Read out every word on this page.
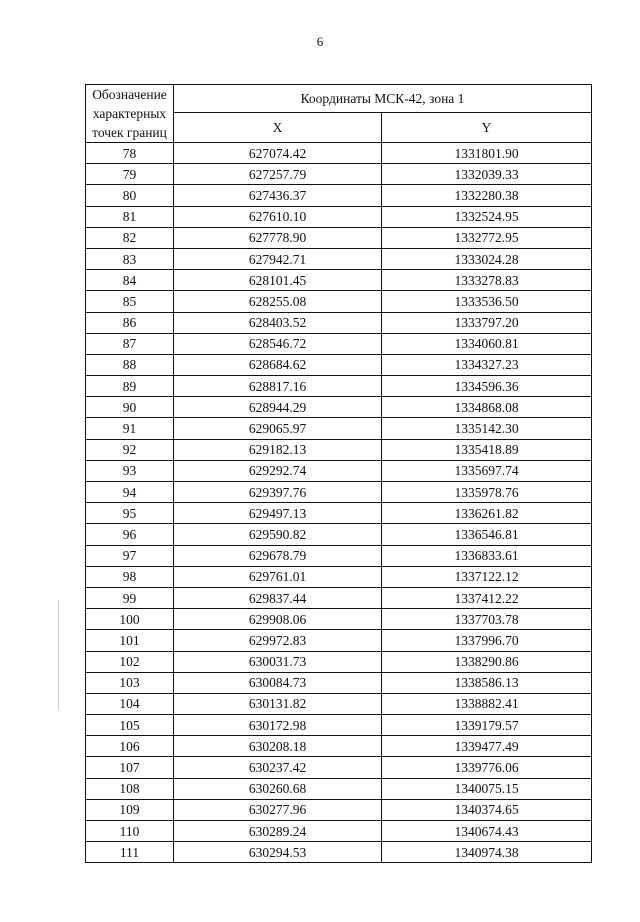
6
Обозначение характерных точек границ	Координаты МСК-42, зона 1	
	X	Y
78	627074.42	1331801.90
79	627257.79	1332039.33
80	627436.37	1332280.38
81	627610.10	1332524.95
82	627778.90	1332772.95
83	627942.71	1333024.28
84	628101.45	1333278.83
85	628255.08	1333536.50
86	628403.52	1333797.20
87	628546.72	1334060.81
88	628684.62	1334327.23
89	628817.16	1334596.36
90	628944.29	1334868.08
91	629065.97	1335142.30
92	629182.13	1335418.89
93	629292.74	1335697.74
94	629397.76	1335978.76
95	629497.13	1336261.82
96	629590.82	1336546.81
97	629678.79	1336833.61
98	629761.01	1337122.12
99	629837.44	1337412.22
100	629908.06	1337703.78
101	629972.83	1337996.70
102	630031.73	1338290.86
103	630084.73	1338586.13
104	630131.82	1338882.41
105	630172.98	1339179.57
106	630208.18	1339477.49
107	630237.42	1339776.06
108	630260.68	1340075.15
109	630277.96	1340374.65
110	630289.24	1340674.43
111	630294.53	1340974.38
